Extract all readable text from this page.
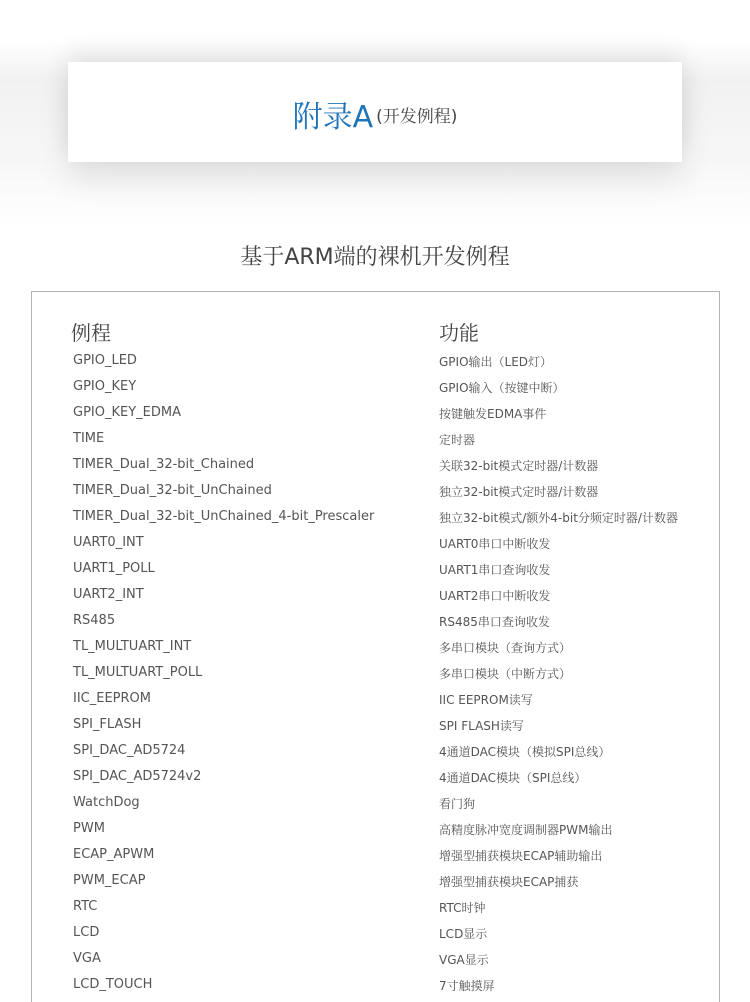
附录A (开发例程)
基于ARM端的裸机开发例程
例程	功能
GPIO_LED	GPIO输出（LED灯）
GPIO_KEY	GPIO输入（按键中断）
GPIO_KEY_EDMA	按键触发EDMA事件
TIME	定时器
TIMER_Dual_32-bit_Chained	关联32-bit模式定时器/计数器
TIMER_Dual_32-bit_UnChained	独立32-bit模式定时器/计数器
TIMER_Dual_32-bit_UnChained_4-bit_Prescaler	独立32-bit模式/额外4-bit分频定时器/计数器
UART0_INT	UART0串口中断收发
UART1_POLL	UART1串口查询收发
UART2_INT	UART2串口中断收发
RS485	RS485串口查询收发
TL_MULTUART_INT	多串口模块（查询方式）
TL_MULTUART_POLL	多串口模块（中断方式）
IIC_EEPROM	IIC EEPROM读写
SPI_FLASH	SPI FLASH读写
SPI_DAC_AD5724	4通道DAC模块（模拟SPI总线）
SPI_DAC_AD5724v2	4通道DAC模块（SPI总线）
WatchDog	看门狗
PWM	高精度脉冲宽度调制器PWM输出
ECAP_APWM	增强型捕获模块ECAP辅助输出
PWM_ECAP	增强型捕获模块ECAP捕获
RTC	RTC时钟
LCD	LCD显示
VGA	VGA显示
LCD_TOUCH	7寸触摸屏
